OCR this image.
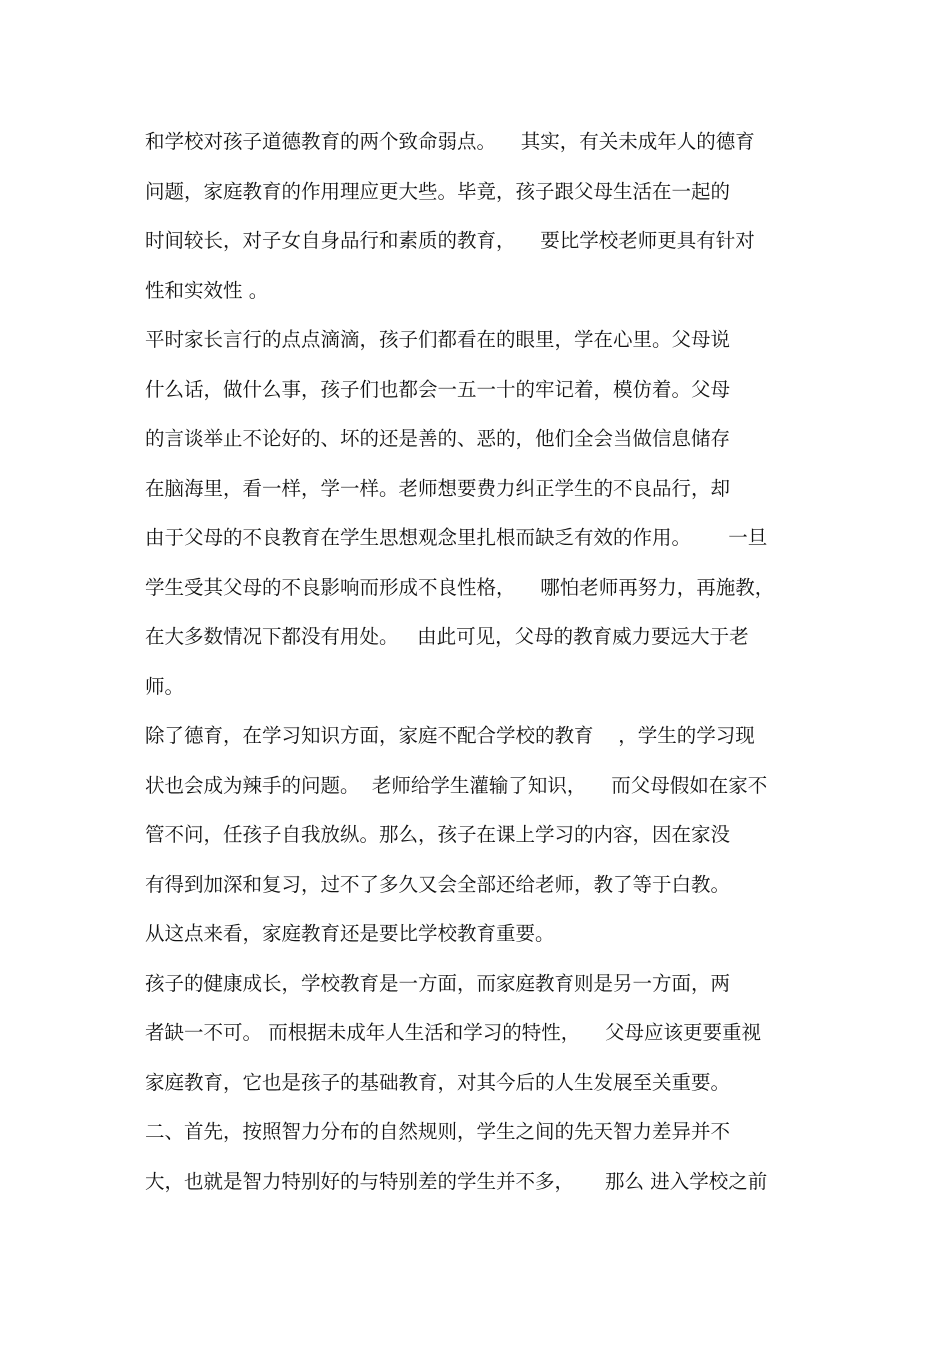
和学校对孩子道德教育的两个致命弱点。    其实，有关未成年人的德育
问题，家庭教育的作用理应更大些。毕竟，孩子跟父母生活在一起的
时间较长，对子女自身品行和素质的教育，    要比学校老师更具有针对
性和实效性 。
平时家长言行的点点滴滴，孩子们都看在的眼里，学在心里。父母说
什么话，做什么事，孩子们也都会一五一十的牢记着，模仿着。父母
的言谈举止不论好的、坏的还是善的、恶的，他们全会当做信息储存
在脑海里，看一样，学一样。老师想要费力纠正学生的不良品行，却
由于父母的不良教育在学生思想观念里扎根而缺乏有效的作用。      一旦
学生受其父母的不良影响而形成不良性格，    哪怕老师再努力，再施教，
在大多数情况下都没有用处。   由此可见，父母的教育威力要远大于老
师。
除了德育，在学习知识方面，家庭不配合学校的教育    ，学生的学习现
状也会成为辣手的问题。  老师给学生灌输了知识，    而父母假如在家不
管不问，任孩子自我放纵。那么，孩子在课上学习的内容，因在家没
有得到加深和复习，过不了多久又会全部还给老师，教了等于白教。
从这点来看，家庭教育还是要比学校教育重要。
孩子的健康成长，学校教育是一方面，而家庭教育则是另一方面，两
者缺一不可。 而根据未成年人生活和学习的特性，    父母应该更要重视
家庭教育，它也是孩子的基础教育，对其今后的人生发展至关重要。
二、首先，按照智力分布的自然规则，学生之间的先天智力差异并不
大，也就是智力特别好的与特别差的学生并不多，     那么 进入学校之前
